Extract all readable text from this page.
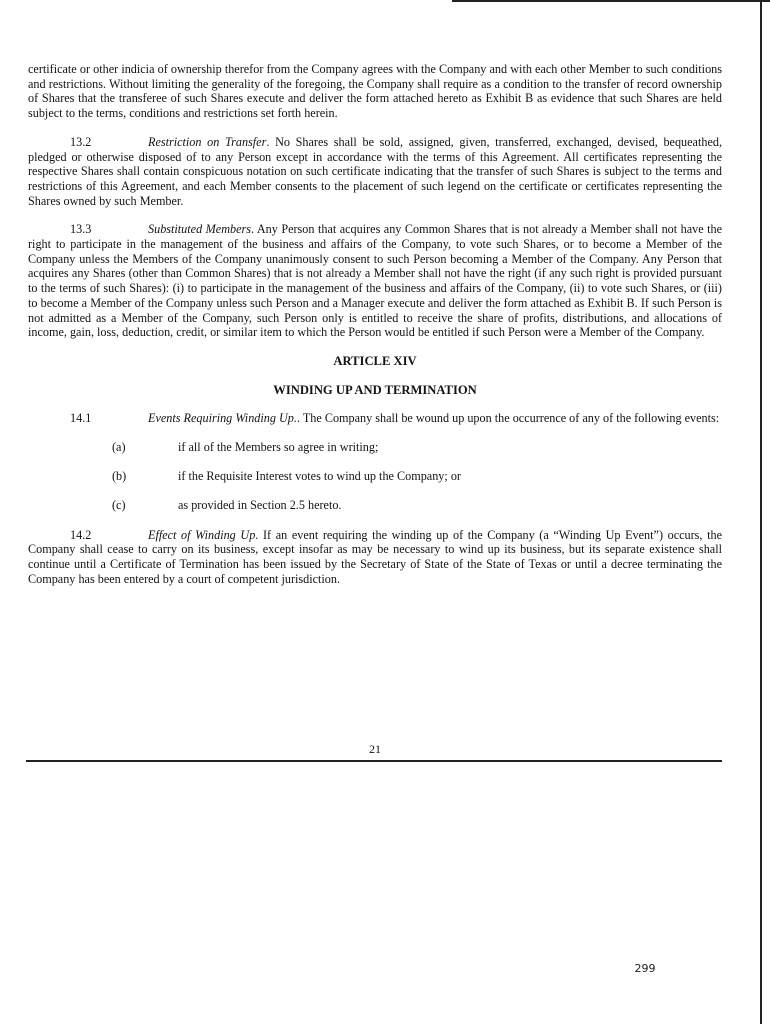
certificate or other indicia of ownership therefor from the Company agrees with the Company and with each other Member to such conditions and restrictions. Without limiting the generality of the foregoing, the Company shall require as a condition to the transfer of record ownership of Shares that the transferee of such Shares execute and deliver the form attached hereto as Exhibit B as evidence that such Shares are held subject to the terms, conditions and restrictions set forth herein.

13.2	Restriction on Transfer. No Shares shall be sold, assigned, given, transferred, exchanged, devised, bequeathed, pledged or otherwise disposed of to any Person except in accordance with the terms of this Agreement. All certificates representing the respective Shares shall contain conspicuous notation on such certificate indicating that the transfer of such Shares is subject to the terms and restrictions of this Agreement, and each Member consents to the placement of such legend on the certificate or certificates representing the Shares owned by such Member.

13.3	Substituted Members. Any Person that acquires any Common Shares that is not already a Member shall not have the right to participate in the management of the business and affairs of the Company, to vote such Shares, or to become a Member of the Company unless the Members of the Company unanimously consent to such Person becoming a Member of the Company. Any Person that acquires any Shares (other than Common Shares) that is not already a Member shall not have the right (if any such right is provided pursuant to the terms of such Shares): (i) to participate in the management of the business and affairs of the Company, (ii) to vote such Shares, or (iii) to become a Member of the Company unless such Person and a Manager execute and deliver the form attached as Exhibit B. If such Person is not admitted as a Member of the Company, such Person only is entitled to receive the share of profits, distributions, and allocations of income, gain, loss, deduction, credit, or similar item to which the Person would be entitled if such Person were a Member of the Company.

ARTICLE XIV

WINDING UP AND TERMINATION

14.1	Events Requiring Winding Up.. The Company shall be wound up upon the occurrence of any of the following events:

(a)	if all of the Members so agree in writing;
(b)	if the Requisite Interest votes to wind up the Company; or
(c)	as provided in Section 2.5 hereto.

14.2	Effect of Winding Up. If an event requiring the winding up of the Company (a “Winding Up Event”) occurs, the Company shall cease to carry on its business, except insofar as may be necessary to wind up its business, but its separate existence shall continue until a Certificate of Termination has been issued by the Secretary of State of the State of Texas or until a decree terminating the Company has been entered by a court of competent jurisdiction.

21
299
